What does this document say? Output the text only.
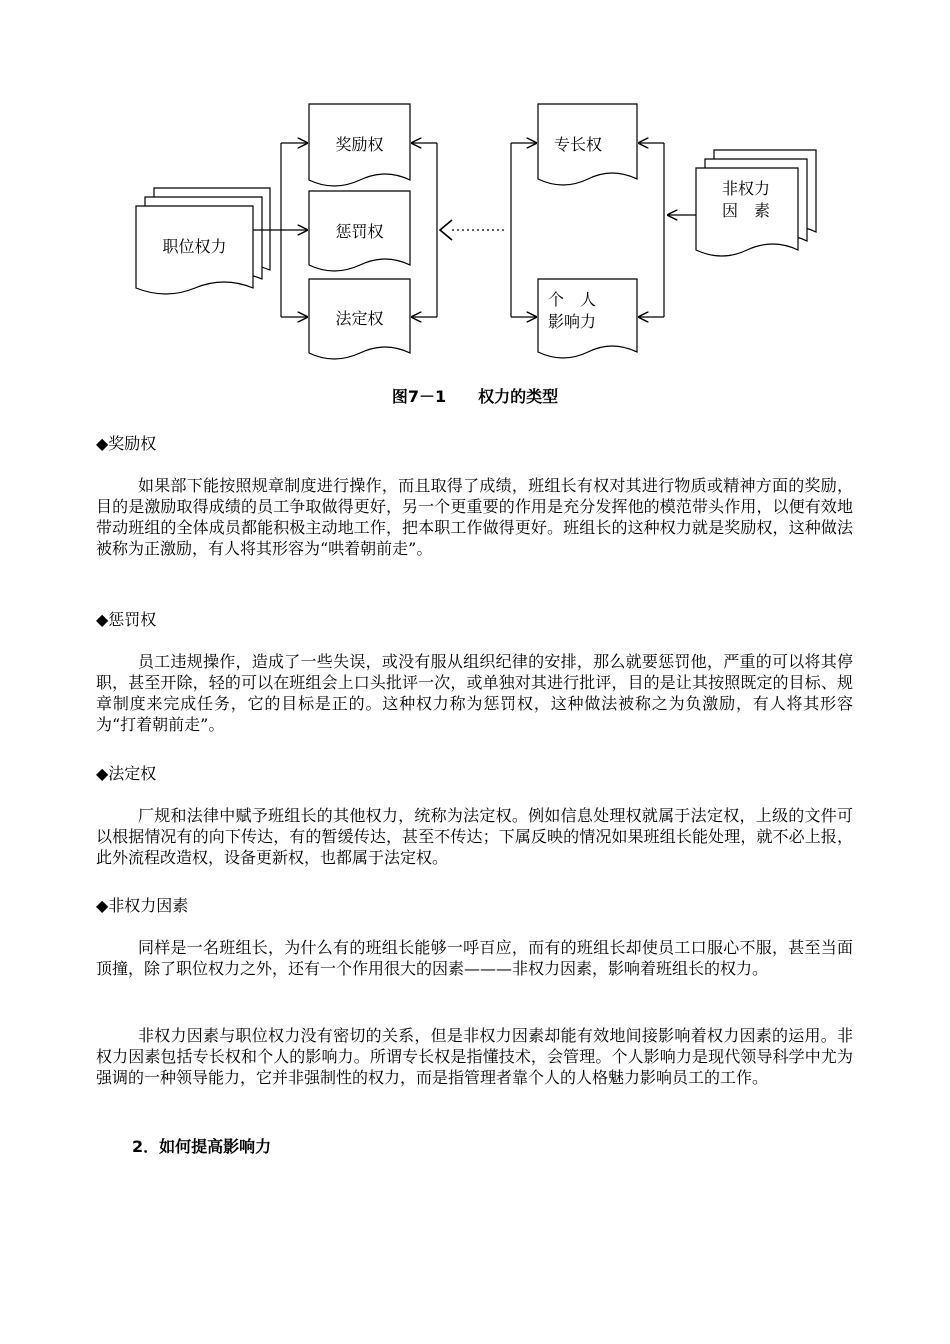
职位权力
奖励权
惩罚权
法定权
专长权
个　人
影响力
非权力
因　素
图7－1　　权力的类型
◆奖励权

如果部下能按照规章制度进行操作，而且取得了成绩，班组长有权对其进行物质或精神方面的奖励，目的是激励取得成绩的员工争取做得更好，另一个更重要的作用是充分发挥他的模范带头作用，以便有效地带动班组的全体成员都能积极主动地工作，把本职工作做得更好。班组长的这种权力就是奖励权，这种做法被称为正激励，有人将其形容为“哄着朝前走”。

◆惩罚权

员工违规操作，造成了一些失误，或没有服从组织纪律的安排，那么就要惩罚他，严重的可以将其停职，甚至开除，轻的可以在班组会上口头批评一次，或单独对其进行批评，目的是让其按照既定的目标、规章制度来完成任务，它的目标是正的。这种权力称为惩罚权，这种做法被称之为负激励，有人将其形容为“打着朝前走”。

◆法定权

厂规和法律中赋予班组长的其他权力，统称为法定权。例如信息处理权就属于法定权，上级的文件可以根据情况有的向下传达，有的暂缓传达，甚至不传达；下属反映的情况如果班组长能处理，就不必上报，此外流程改造权，设备更新权，也都属于法定权。

◆非权力因素

同样是一名班组长，为什么有的班组长能够一呼百应，而有的班组长却使员工口服心不服，甚至当面顶撞，除了职位权力之外，还有一个作用很大的因素———非权力因素，影响着班组长的权力。

非权力因素与职位权力没有密切的关系，但是非权力因素却能有效地间接影响着权力因素的运用。非权力因素包括专长权和个人的影响力。所谓专长权是指懂技术，会管理。个人影响力是现代领导科学中尤为强调的一种领导能力，它并非强制性的权力，而是指管理者靠个人的人格魅力影响员工的工作。

2．如何提高影响力
